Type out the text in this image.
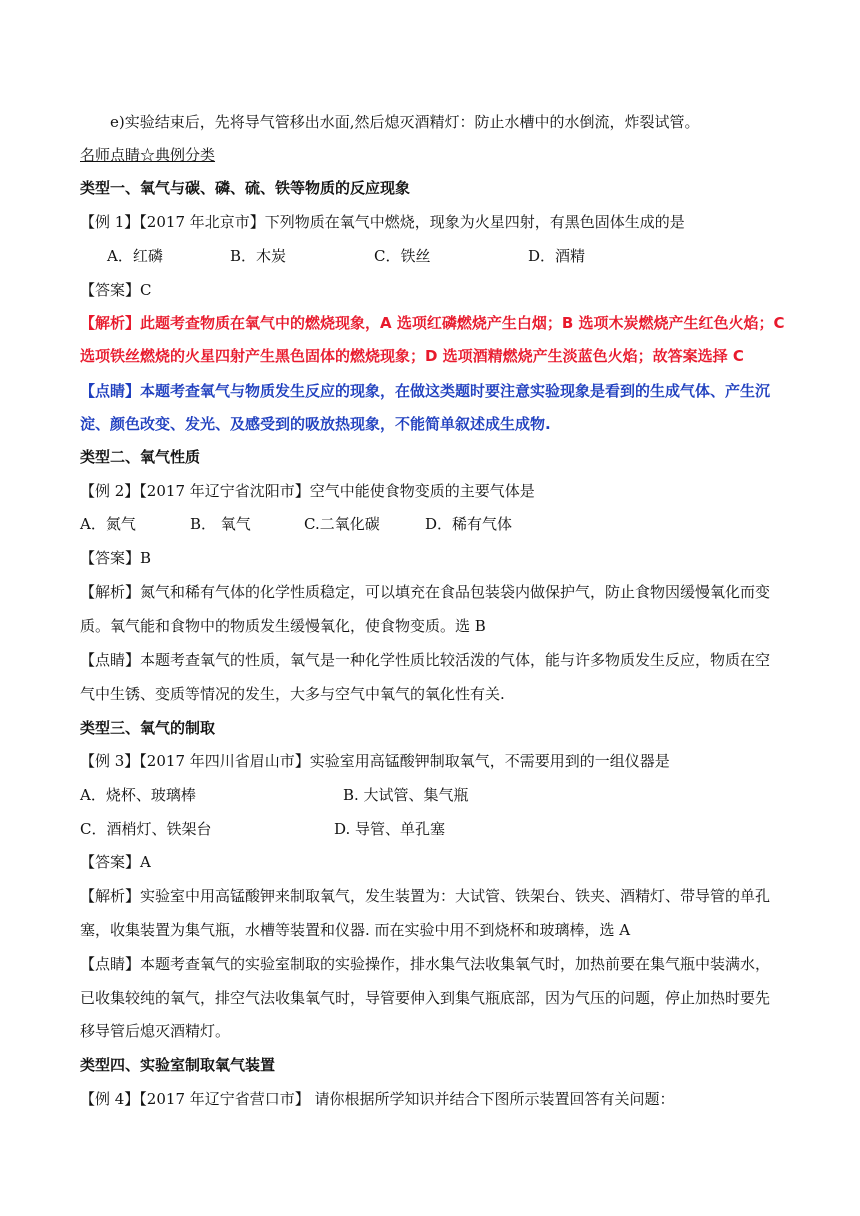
e)实验结束后，先将导气管移出水面,然后熄灭酒精灯：防止水槽中的水倒流，炸裂试管。
名师点睛☆典例分类
类型一、氧气与碳、磷、硫、铁等物质的反应现象
【例 1】【2017 年北京市】下列物质在氧气中燃烧，现象为火星四射，有黑色固体生成的是
A．红磷	B．木炭	C．铁丝	D．酒精
【答案】C
【解析】此题考查物质在氧气中的燃烧现象，A 选项红磷燃烧产生白烟；B 选项木炭燃烧产生红色火焰；C
选项铁丝燃烧的火星四射产生黑色固体的燃烧现象；D 选项酒精燃烧产生淡蓝色火焰；故答案选择 C
【点睛】本题考查氧气与物质发生反应的现象，在做这类题时要注意实验现象是看到的生成气体、产生沉
淀、颜色改变、发光、及感受到的吸放热现象，不能简单叙述成生成物.
类型二、氧气性质
【例 2】【2017 年辽宁省沈阳市】空气中能使食物变质的主要气体是
A．氮气	B． 氧气	C.二氧化碳	D．稀有气体
【答案】B
【解析】氮气和稀有气体的化学性质稳定，可以填充在食品包装袋内做保护气，防止食物因缓慢氧化而变
质。氧气能和食物中的物质发生缓慢氧化，使食物变质。选 B
【点睛】本题考查氧气的性质，氧气是一种化学性质比较活泼的气体，能与许多物质发生反应，物质在空
气中生锈、变质等情况的发生，大多与空气中氧气的氧化性有关.
类型三、氧气的制取
【例 3】【2017 年四川省眉山市】实验室用高锰酸钾制取氧气，不需要用到的一组仪器是
A．烧杯、玻璃棒	B. 大试管、集气瓶
C．酒梢灯、铁架台	D. 导管、单孔塞
【答案】A
【解析】实验室中用高锰酸钾来制取氧气，发生装置为：大试管、铁架台、铁夹、酒精灯、带导管的单孔
塞，收集装置为集气瓶，水槽等装置和仪器. 而在实验中用不到烧杯和玻璃棒，选 A
【点睛】本题考查氧气的实验室制取的实验操作，排水集气法收集氧气时，加热前要在集气瓶中装满水，
已收集较纯的氧气，排空气法收集氧气时，导管要伸入到集气瓶底部，因为气压的问题，停止加热时要先
移导管后熄灭酒精灯。
类型四、实验室制取氧气装置
【例 4】【2017 年辽宁省营口市】 请你根据所学知识并结合下图所示装置回答有关问题：
